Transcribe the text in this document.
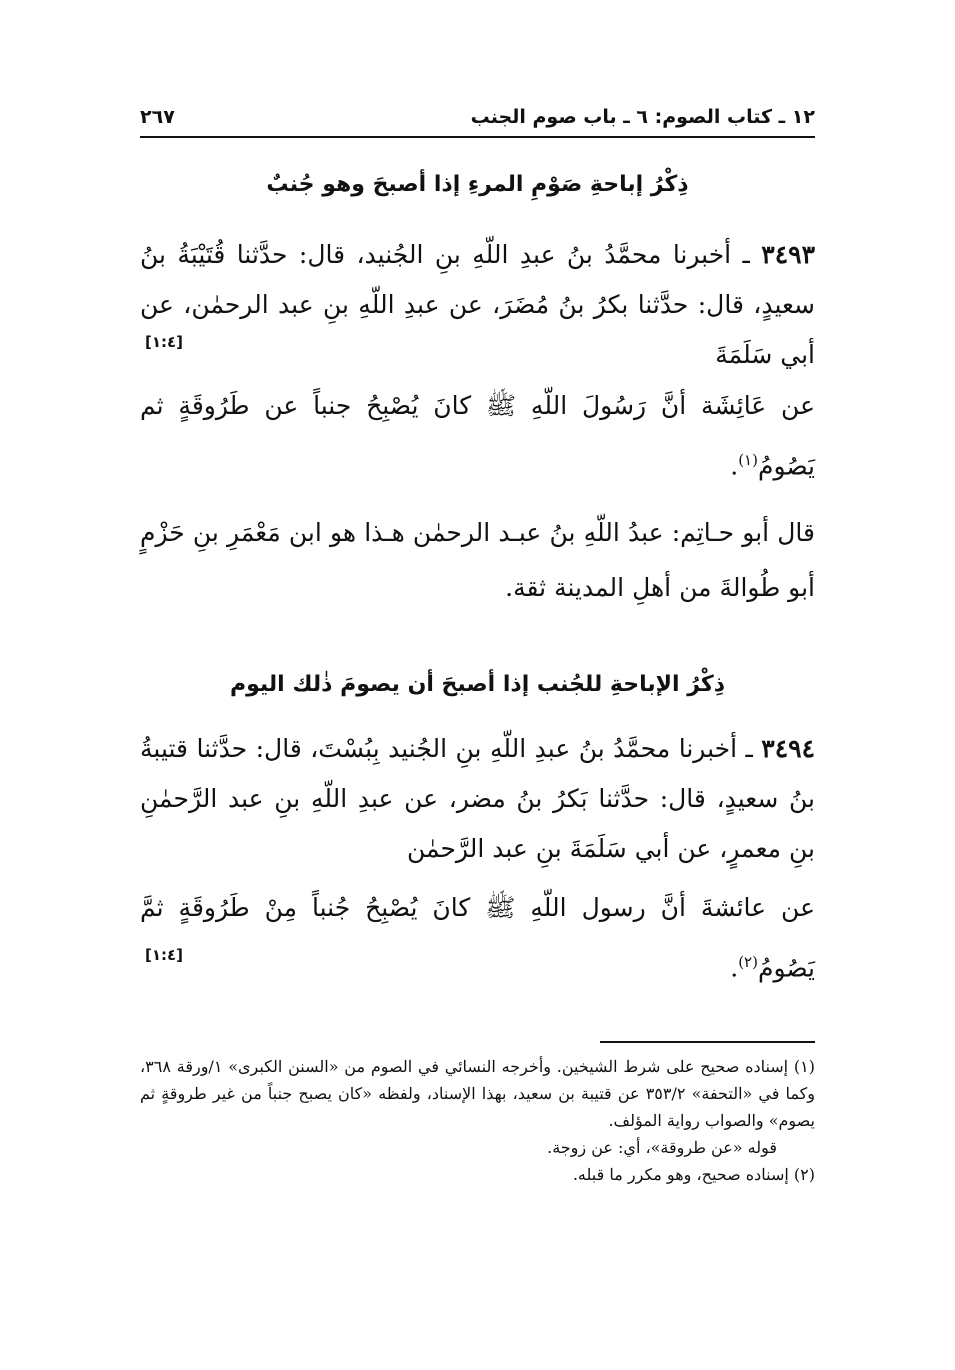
١٢ ـ كتاب الصوم: ٦ ـ باب صوم الجنب
٢٦٧
ذِكْرُ إباحةِ صَوْمِ المرءِ إذا أصبحَ وهو جُنبٌ
٣٤٩٣ ـ أخبرنا محمَّدُ بنُ عبدِ اللّهِ بنِ الجُنيد، قال: حدَّثنا قُتَيْبَةُ بنُ سعيدٍ، قال: حدَّثنا بكرُ بنُ مُضَرَ، عن عبدِ اللّهِ بنِ عبد الرحمٰن، عن أبي سَلَمَةَ
[١:٤]
عن عَائِشَة أنَّ رَسُولَ اللّهِ ﷺ كانَ يُصْبِحُ جنباً عن طَرُوقَةٍ ثم يَصُومُ$^{(١)}$.
قال أبو حـاتِم: عبدُ اللّهِ بنُ عبـد الرحمٰن هـذا هو ابن مَعْمَرِ بنِ حَزْمٍ أبو طُوالةَ من أهلِ المدينة ثقة.
ذِكْرُ الإباحةِ للجُنب إذا أصبحَ أن يصومَ ذٰلك اليوم
٣٤٩٤ ـ أخبرنا محمَّدُ بنُ عبدِ اللّهِ بنِ الجُنيد بِبُسْتَ، قال: حدَّثنا قتيبةُ بنُ سعيدٍ، قال: حدَّثنا بَكرُ بنُ مضر، عن عبدِ اللّهِ بنِ عبد الرَّحمٰنِ بنِ معمرٍ، عن أبي سَلَمَةَ بنِ عبد الرَّحمٰن
عن عائشةَ أنَّ رسول اللّهِ ﷺ كانَ يُصْبِحُ جُنباً مِنْ طَرُوقَةٍ ثمَّ يَصُومُ$^{(٢)}$.
[١:٤]

(١) إسناده صحيح على شرط الشيخين. وأخرجه النسائي في الصوم من «السنن الكبرى» ١/ورقة ٣٦٨، وكما في «التحفة» ٣٥٣/٢ عن قتيبة بن سعيد، بهذا الإسناد، ولفظه «كان يصبح جنباً من غير طروقةٍ ثم يصوم» والصواب رواية المؤلف.

قوله «عن طروقة»، أي: عن زوجة.

(٢) إسناده صحيح، وهو مكرر ما قبله.
